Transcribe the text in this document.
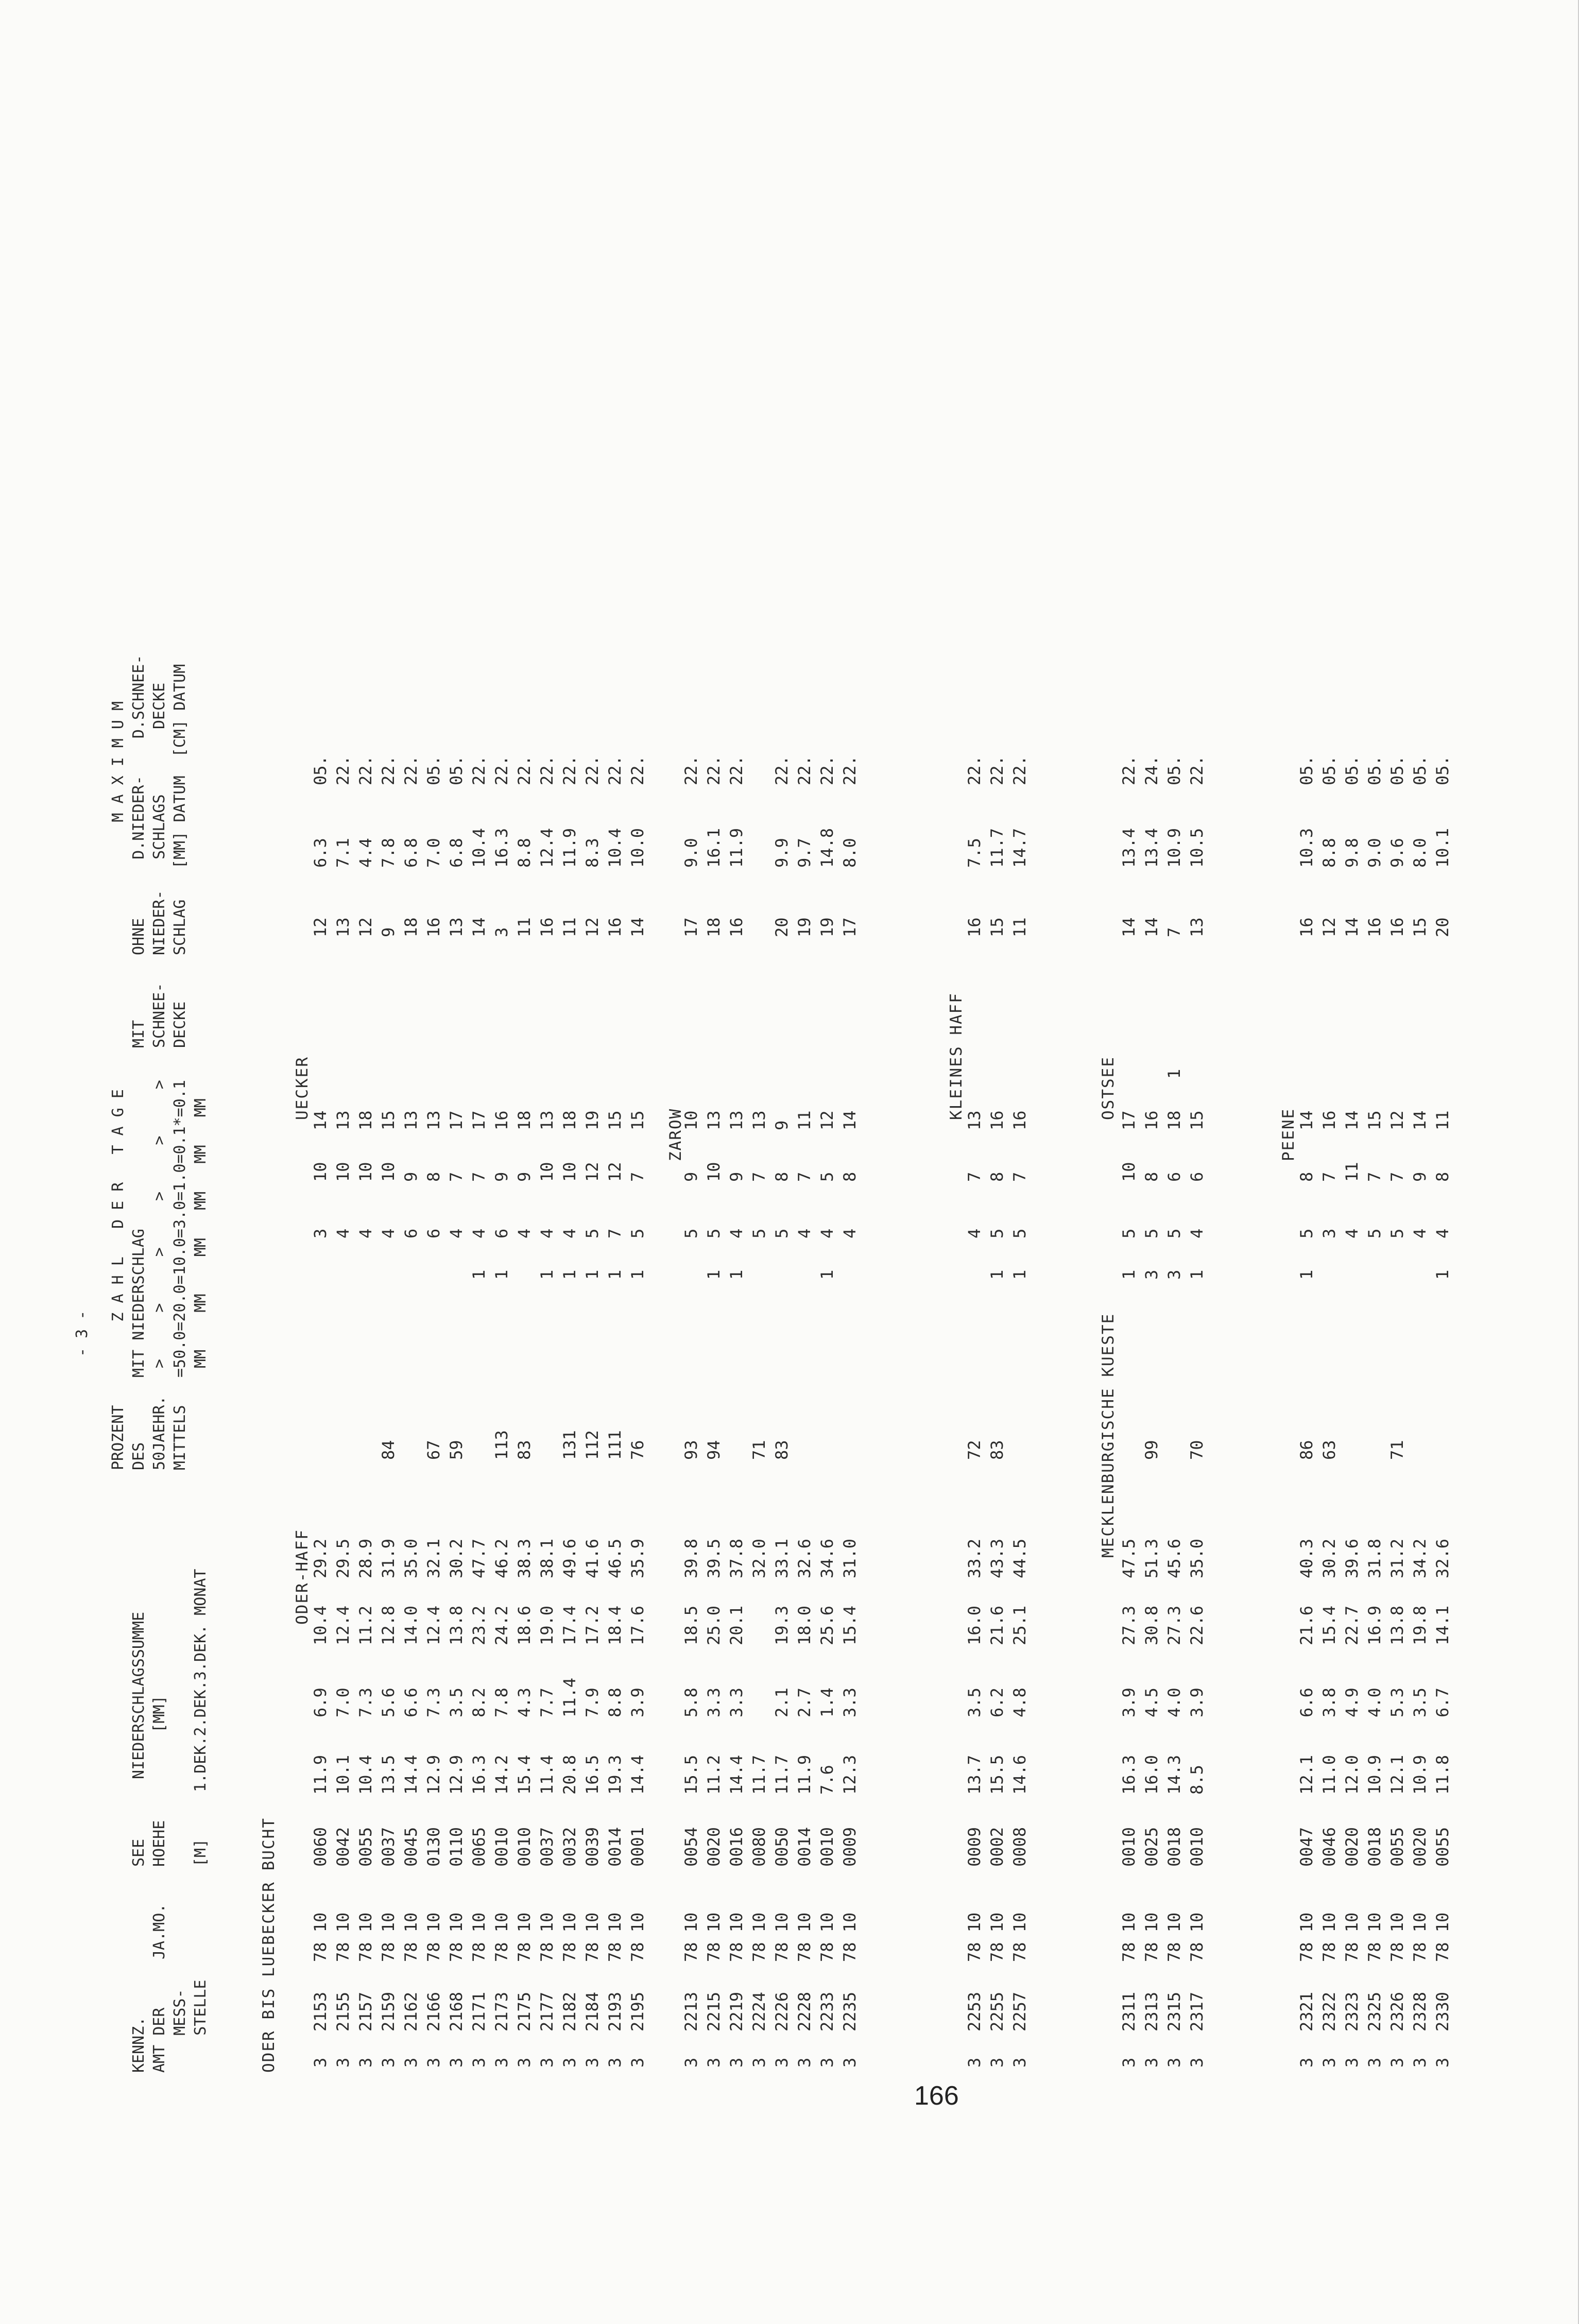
KENNZ.
AMT DER
MESS-
STELLE
JA.MO.
SEE
HOEHE

[M]
NIEDERSCHLAGSSUMME
[MM] 1.DEK.2.DEK.3.DEK. MONAT
PROZENT
DES
50JAEHR.
MITTELS
Z A H L   D E R   T A G E
MIT NIEDERSCHLAG
>     >     >     >     >     >
=50.0=20.0=10.0=3.0=1.0=0.1*=0.1
MM    MM    MM   MM   MM   MM
MIT
SCHNEE-
DECKE
OHNE
NIEDER-
SCHLAG
M A X I M U M
D.NIEDER-    D.SCHNEE-
SCHLAGS       DECKE
[MM] DATUM  [CM] DATUM
- 3 -
ODER BIS LUEBECKER BUCHT
ODER-HAFF
UECKER
ZAROW
KLEINES HAFF
MECKLENBURGISCHE KUESTE
OSTSEE
PEENE
3
2153
78 10
0060
11.9
6.9
10.4
29.2
3
10
14
12
6.3
05.
3
2155
78 10
0042
10.1
7.0
12.4
29.5
4
10
13
13
7.1
22.
3
2157
78 10
0055
10.4
7.3
11.2
28.9
4
10
18
12
4.4
22.
3
2159
78 10
0037
13.5
5.6
12.8
31.9
84
4
10
15
9
7.8
22.
3
2162
78 10
0045
14.4
6.6
14.0
35.0
6
9
13
18
6.8
22.
3
2166
78 10
0130
12.9
7.3
12.4
32.1
67
6
8
13
16
7.0
05.
3
2168
78 10
0110
12.9
3.5
13.8
30.2
59
4
7
17
13
6.8
05.
3
2171
78 10
0065
16.3
8.2
23.2
47.7
1
4
7
17
14
10.4
22.
3
2173
78 10
0010
14.2
7.8
24.2
46.2
113
1
6
9
16
3
16.3
22.
3
2175
78 10
0010
15.4
4.3
18.6
38.3
83
4
9
18
11
8.8
22.
3
2177
78 10
0037
11.4
7.7
19.0
38.1
1
4
10
13
16
12.4
22.
3
2182
78 10
0032
20.8
11.4
17.4
49.6
131
1
4
10
18
11
11.9
22.
3
2184
78 10
0039
16.5
7.9
17.2
41.6
112
1
5
12
19
12
8.3
22.
3
2193
78 10
0014
19.3
8.8
18.4
46.5
111
1
7
12
15
16
10.4
22.
3
2195
78 10
0001
14.4
3.9
17.6
35.9
76
1
5
7
15
14
10.0
22.
3
2213
78 10
0054
15.5
5.8
18.5
39.8
93
5
9
10
17
9.0
22.
3
2215
78 10
0020
11.2
3.3
25.0
39.5
94
1
5
10
13
18
16.1
22.
3
2219
78 10
0016
14.4
3.3
20.1
37.8
1
4
9
13
16
11.9
22.
3
2224
78 10
0080
11.7
32.0
71
5
7
13
3
2226
78 10
0050
11.7
2.1
19.3
33.1
83
5
8
9
20
9.9
22.
3
2228
78 10
0014
11.9
2.7
18.0
32.6
4
7
11
19
9.7
22.
3
2233
78 10
0010
7.6
1.4
25.6
34.6
1
4
5
12
19
14.8
22.
3
2235
78 10
0009
12.3
3.3
15.4
31.0
4
8
14
17
8.0
22.
3
2253
78 10
0009
13.7
3.5
16.0
33.2
72
4
7
13
16
7.5
22.
3
2255
78 10
0002
15.5
6.2
21.6
43.3
83
1
5
8
16
15
11.7
22.
3
2257
78 10
0008
14.6
4.8
25.1
44.5
1
5
7
16
11
14.7
22.
3
2311
78 10
0010
16.3
3.9
27.3
47.5
1
5
10
17
14
13.4
22.
3
2313
78 10
0025
16.0
4.5
30.8
51.3
99
3
5
8
16
14
13.4
24.
3
2315
78 10
0018
14.3
4.0
27.3
45.6
3
5
6
18
1
7
10.9
05.
3
2317
78 10
0010
8.5
3.9
22.6
35.0
70
1
4
6
15
13
10.5
22.
3
2321
78 10
0047
12.1
6.6
21.6
40.3
86
1
5
8
14
16
10.3
05.
3
2322
78 10
0046
11.0
3.8
15.4
30.2
63
3
7
16
12
8.8
05.
3
2323
78 10
0020
12.0
4.9
22.7
39.6
4
11
14
14
9.8
05.
3
2325
78 10
0018
10.9
4.0
16.9
31.8
5
7
15
16
9.0
05.
3
2326
78 10
0055
12.1
5.3
13.8
31.2
71
5
7
12
16
9.6
05.
3
2328
78 10
0020
10.9
3.5
19.8
34.2
4
9
14
15
8.0
05.
3
2330
78 10
0055
11.8
6.7
14.1
32.6
1
4
8
11
20
10.1
05.
166
